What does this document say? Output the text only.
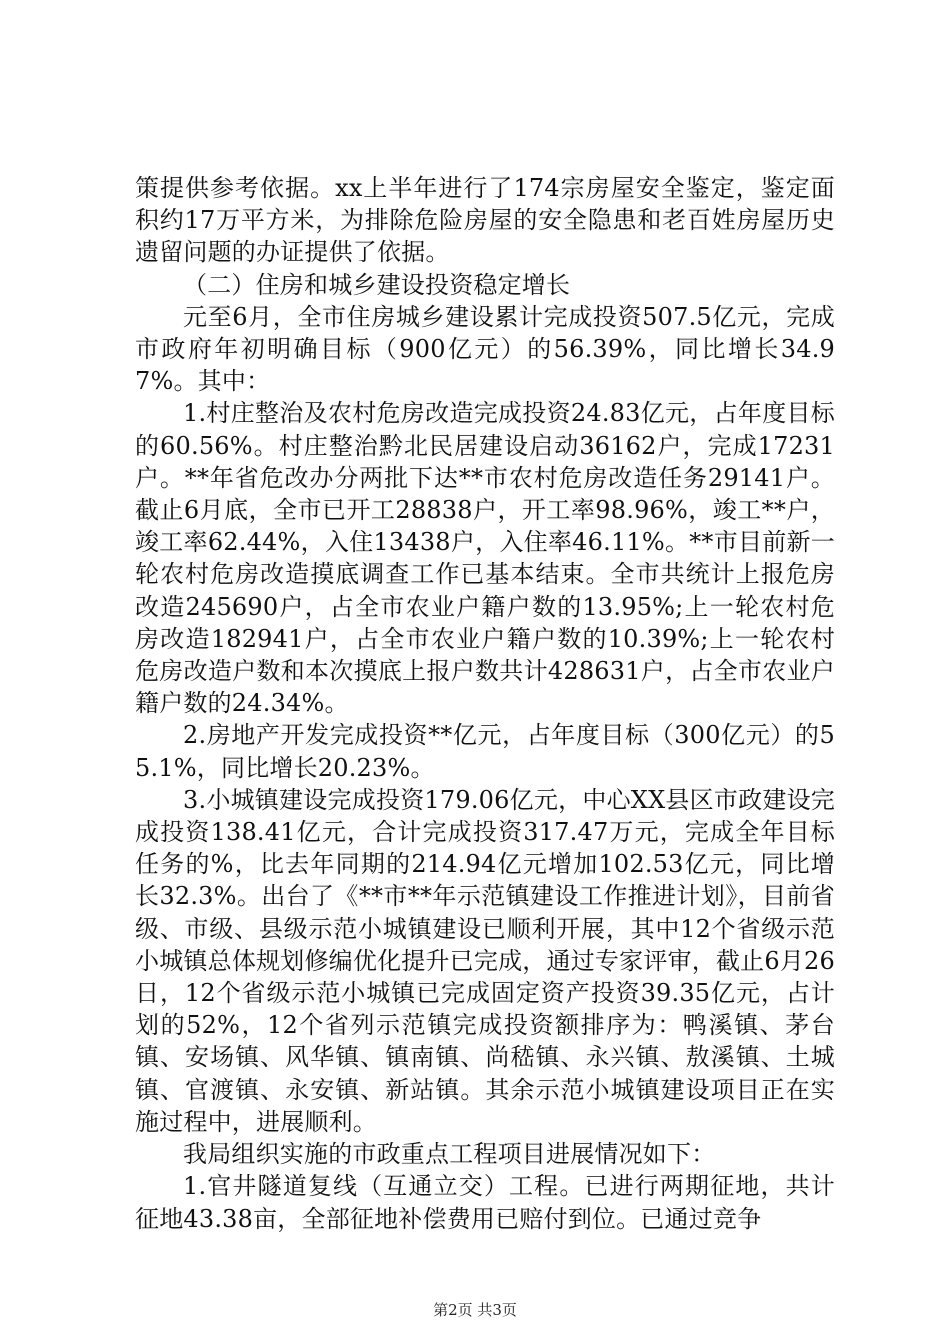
策提供参考依据。xx上半年进行了174宗房屋安全鉴定，鉴定面积约17万平方米，为排除危险房屋的安全隐患和老百姓房屋历史遗留问题的办证提供了依据。

（二）住房和城乡建设投资稳定增长

元至6月，全市住房城乡建设累计完成投资507.5亿元，完成市政府年初明确目标（900亿元）的56.39%，同比增长34.97%。其中：

1.村庄整治及农村危房改造完成投资24.83亿元，占年度目标的60.56%。村庄整治黔北民居建设启动36162户，完成17231户。**年省危改办分两批下达**市农村危房改造任务29141户。截止6月底，全市已开工28838户，开工率98.96%，竣工**户，竣工率62.44%，入住13438户，入住率46.11%。**市目前新一轮农村危房改造摸底调查工作已基本结束。全市共统计上报危房改造245690户，占全市农业户籍户数的13.95%;上一轮农村危房改造182941户，占全市农业户籍户数的10.39%;上一轮农村危房改造户数和本次摸底上报户数共计428631户，占全市农业户籍户数的24.34%。

2.房地产开发完成投资**亿元，占年度目标（300亿元）的55.1%，同比增长20.23%。

3.小城镇建设完成投资179.06亿元，中心XX县区市政建设完成投资138.41亿元，合计完成投资317.47万元，完成全年目标任务的%，比去年同期的214.94亿元增加102.53亿元，同比增长32.3%。出台了《**市**年示范镇建设工作推进计划》，目前省级、市级、县级示范小城镇建设已顺利开展，其中12个省级示范小城镇总体规划修编优化提升已完成，通过专家评审，截止6月26日，12个省级示范小城镇已完成固定资产投资39.35亿元，占计划的52%，12个省列示范镇完成投资额排序为：鸭溪镇、茅台镇、安场镇、风华镇、镇南镇、尚嵇镇、永兴镇、敖溪镇、土城镇、官渡镇、永安镇、新站镇。其余示范小城镇建设项目正在实施过程中，进展顺利。

我局组织实施的市政重点工程项目进展情况如下：

1.官井隧道复线（互通立交）工程。已进行两期征地，共计征地43.38亩，全部征地补偿费用已赔付到位。已通过竞争

第2页 共3页
